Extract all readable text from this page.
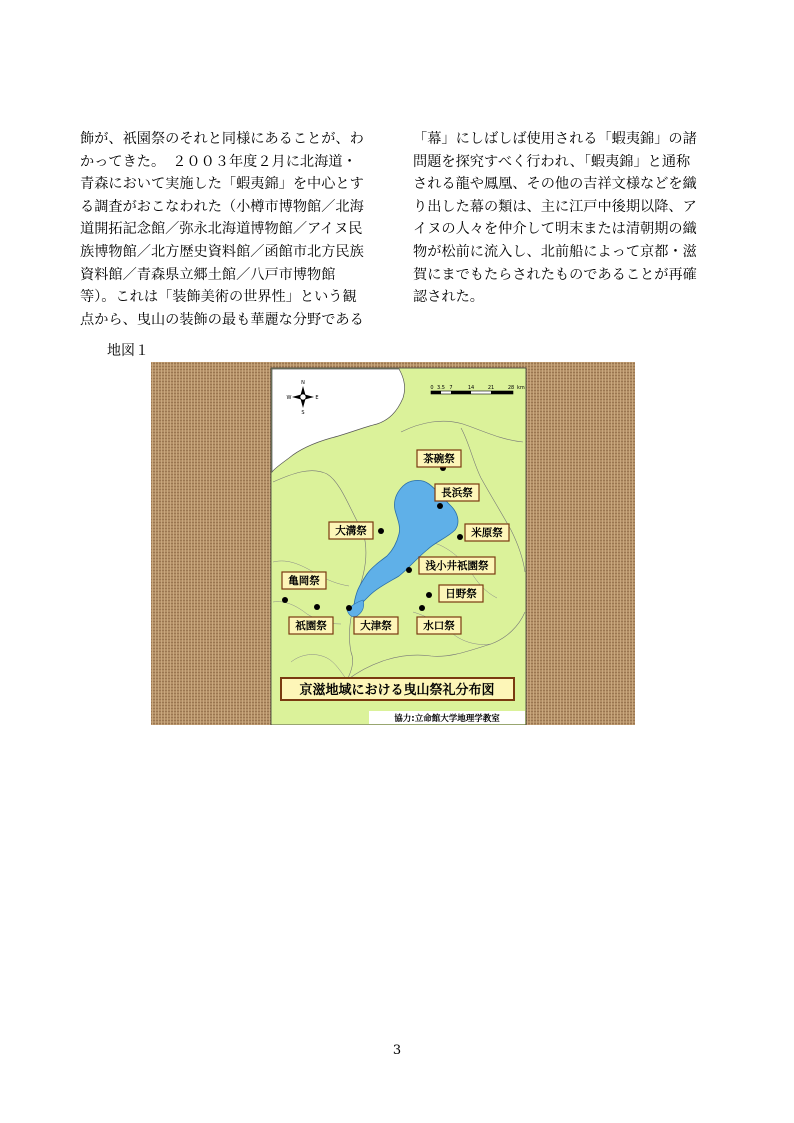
飾が、祇園祭のそれと同様にあることが、わ
かってきた。　２００３年度２月に北海道・
青森において実施した「蝦夷錦」を中心とす
る調査がおこなわれた（小樽市博物館／北海
道開拓記念館／弥永北海道博物館／アイヌ民
族博物館／北方歴史資料館／函館市北方民族
資料館／青森県立郷土館／八戸市博物館
等）。これは「装飾美術の世界性」という観
点から、曳山の装飾の最も華麗な分野である
「幕」にしばしば使用される「蝦夷錦」の諸
問題を探究すべく行われ、「蝦夷錦」と通称
される龍や鳳凰、その他の吉祥文様などを織
り出した幕の類は、主に江戸中後期以降、ア
イヌの人々を仲介して明末または清朝期の織
物が松前に流入し、北前船によって京都・滋
賀にまでもたらされたものであることが再確
認された。
地図１
N
S
E
W
0 3.5 7	14	21	28 km
茶碗祭
長浜祭
米原祭
大溝祭
浅小井祇園祭
亀岡祭
日野祭
祇園祭	大津祭	水口祭
京滋地域における曳山祭礼分布図
協力:立命館大学地理学教室
3
